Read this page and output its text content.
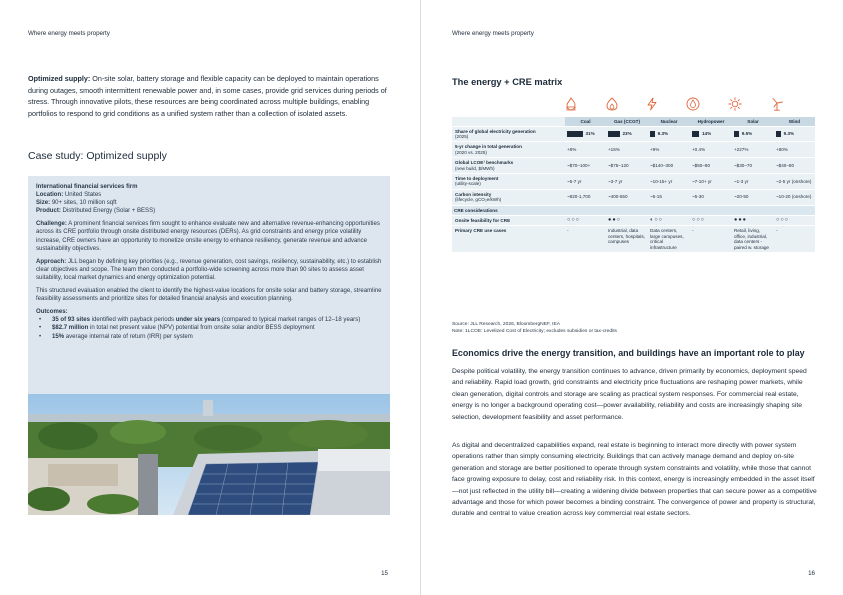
Where energy meets property
Optimized supply: On-site solar, battery storage and flexible capacity can be deployed to maintain operations during outages, smooth intermittent renewable power and, in some cases, provide grid services during periods of stress. Through innovative pilots, these resources are being coordinated across multiple buildings, enabling portfolios to respond to grid conditions as a unified system rather than a collection of isolated assets.
Case study: Optimized supply
International financial services firm
Location: United States
Size: 90+ sites, 10 million sqft

Product: Distributed Energy (Solar + BESS)

Challenge: A prominent financial services firm sought to enhance evaluate new and alternative revenue-enhancing opportunities across its CRE portfolio through onsite distributed energy resources (DERs). As grid constraints and energy price volatility increase, CRE owners have an opportunity to monetize onsite energy to enhance resiliency, generate revenue and advance sustainability objectives.

Approach: JLL began by defining key priorities (e.g., revenue generation, cost savings, resiliency, sustainability, etc.) to establish clear objectives and scope. The team then conducted a portfolio-wide screening across more than 90 sites to assess asset suitability, local market dynamics and energy optimization potential.

This structured evaluation enabled the client to identify the highest-value locations for onsite solar and battery storage, streamline feasibility assessments and prioritize sites for detailed financial analysis and execution planning.

Outcomes:
• 35 of 93 sites identified with payback periods under six years (compared to typical market ranges of 12–18 years)
• $82.7 million in total net present value (NPV) potential from onsite solar and/or BESS deployment
• 15% average internal rate of return (IRR) per system
15
Where energy meets property
The energy + CRE matrix
	Coal	Gas (CCGT)	Nuclear	Hydropower	Solar	Wind
Share of global electricity generation
(2025)	31%	23%	9.3%	14%	9.5%	9.3%
5-yr change in total generation
(2020 vs. 2025)	+8%	+15%	+9%	+0.4%	+227%	+80%
Global LCOE¹ benchmarks
(new build, $/MWh)	~$70–100+	~$75–120	~$140–300	~$50–80	~$30–70	~$40–80
Time to deployment
(utility-scale)	~5-7 yr	~3-7 yr	~10-15+ yr	~7-10+ yr	~1-3 yr	~2-5 yr (onshore)
Carbon intensity
(lifecycle, gCO₂e/kWh)	~820-1,700	~400-550	~5-15	~5-30	~20-50	~10-20 (onshore)
CRE considerations						
Onsite feasibility for CRE	○○○	●●○	◐○○	○○○	●●●	○○○
Primary CRE use cases	-	Industrial, data centers, hospitals, campuses	Data centers, large campuses, critical infrastructure	-	Retail, living, office, industrial, data centers - paired w. storage	-
Source: JLL Research, 2026, BloombergNEF, IEA
Note: 1LCOE: Levelized Cost of Electricity; excludes subsidies or tax-credits
Economics drive the energy transition, and buildings have an important role to play
Despite political volatility, the energy transition continues to advance, driven primarily by economics, deployment speed and reliability. Rapid load growth, grid constraints and electricity price fluctuations are reshaping power markets, while clean generation, digital controls and storage are scaling as practical system responses. For commercial real estate, energy is no longer a background operating cost—power availability, reliability and costs are increasingly shaping site selection, development feasibility and asset performance.
As digital and decentralized capabilities expand, real estate is beginning to interact more directly with power system operations rather than simply consuming electricity. Buildings that can actively manage demand and deploy on-site generation and storage are better positioned to operate through system constraints and volatility, while those that cannot face growing exposure to delay, cost and reliability risk. In this context, energy is increasingly embedded in the asset itself—not just reflected in the utility bill—creating a widening divide between properties that can secure power as a competitive advantage and those for which power becomes a binding constraint. The convergence of power and property is structural, durable and central to value creation across key commercial real estate sectors.
16
